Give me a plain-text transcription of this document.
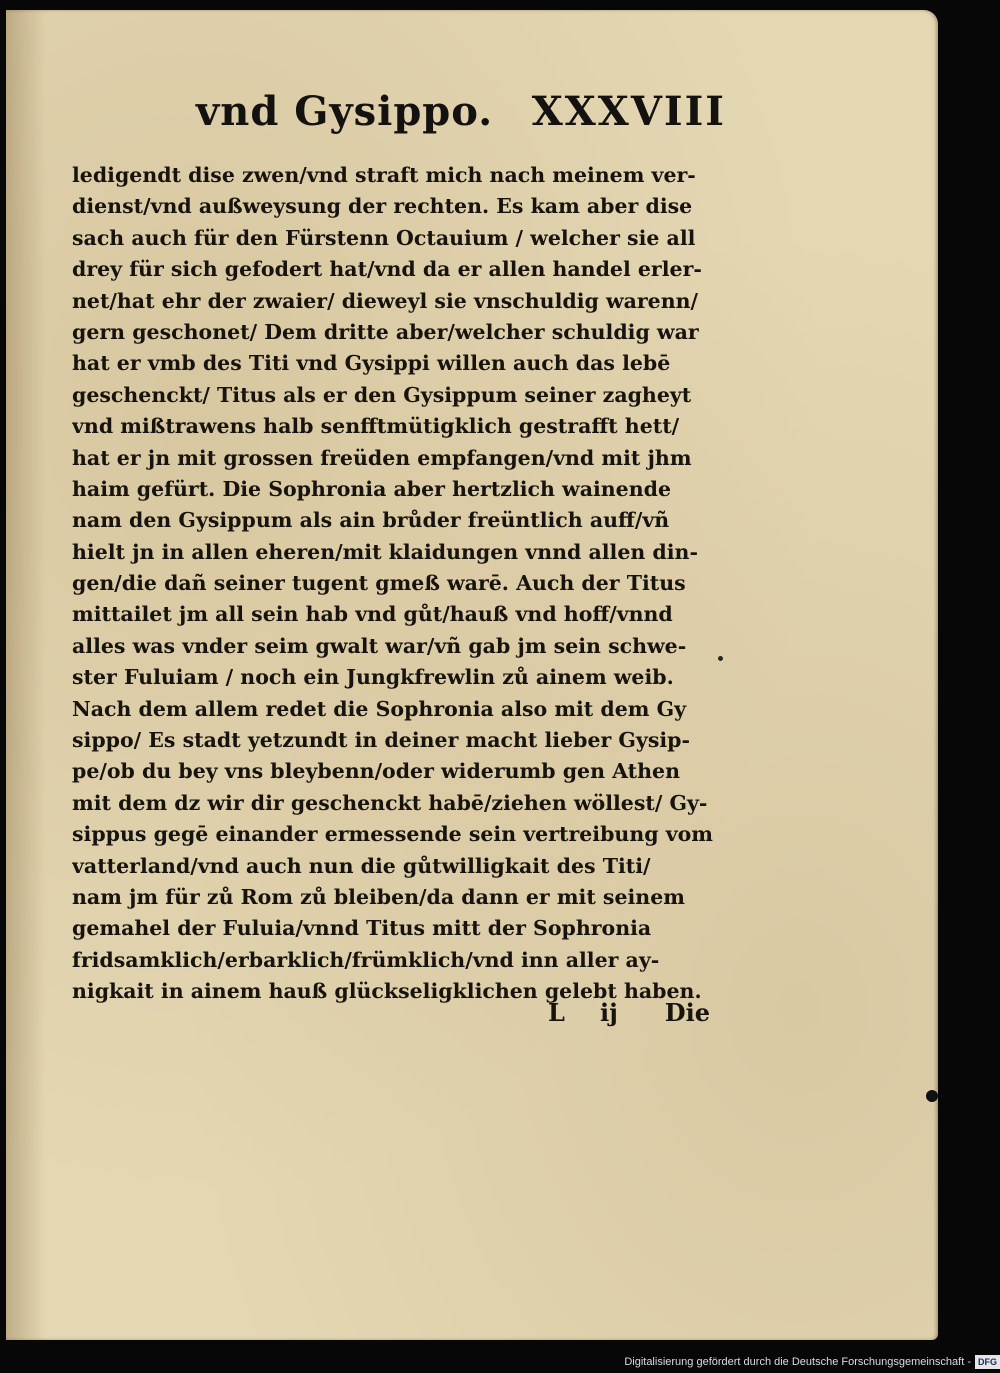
vnd Gysippo. XXXVIII
ledigendt dise zwen/vnd straft mich nach meinem ver-
dienst/vnd außweysung der rechten. Es kam aber dise
sach auch für den Fürstenn Octauium / welcher sie all
drey für sich gefodert hat/vnd da er allen handel erler-
net/hat ehr der zwaier/ dieweyl sie vnschuldig warenn/
gern geschonet/ Dem dritte aber/welcher schuldig war
hat er vmb des Titi vnd Gysippi willen auch das lebē
geschenckt/ Titus als er den Gysippum seiner zagheyt
vnd mißtrawens halb senfftmütigklich gestrafft hett/
hat er jn mit grossen freüden empfangen/vnd mit jhm
haim gefürt. Die Sophronia aber hertzlich wainende
nam den Gysippum als ain brůder freüntlich auff/vñ
hielt jn in allen eheren/mit klaidungen vnnd allen din-
gen/die dañ seiner tugent gmeß warē. Auch der Titus
mittailet jm all sein hab vnd gůt/hauß vnd hoff/vnnd
alles was vnder seim gwalt war/vñ gab jm sein schwe-
ster Fuluiam / noch ein Jungkfrewlin zů ainem weib.
Nach dem allem redet die Sophronia also mit dem Gy
sippo/ Es stadt yetzundt in deiner macht lieber Gysip-
pe/ob du bey vns bleybenn/oder widerumb gen Athen
mit dem dz wir dir geschenckt habē/ziehen wöllest/ Gy-
sippus gegē einander ermessende sein vertreibung vom
vatterland/vnd auch nun die gůtwilligkait des Titi/
nam jm für zů Rom zů bleiben/da dann er mit seinem
gemahel der Fuluia/vnnd Titus mitt der Sophronia
fridsamklich/erbarklich/frümklich/vnd inn aller ay-
nigkait in ainem hauß glückseligklichen gelebt haben.
L ij Die
Digitalisierung gefördert durch die Deutsche Forschungsgemeinschaft - DFG
